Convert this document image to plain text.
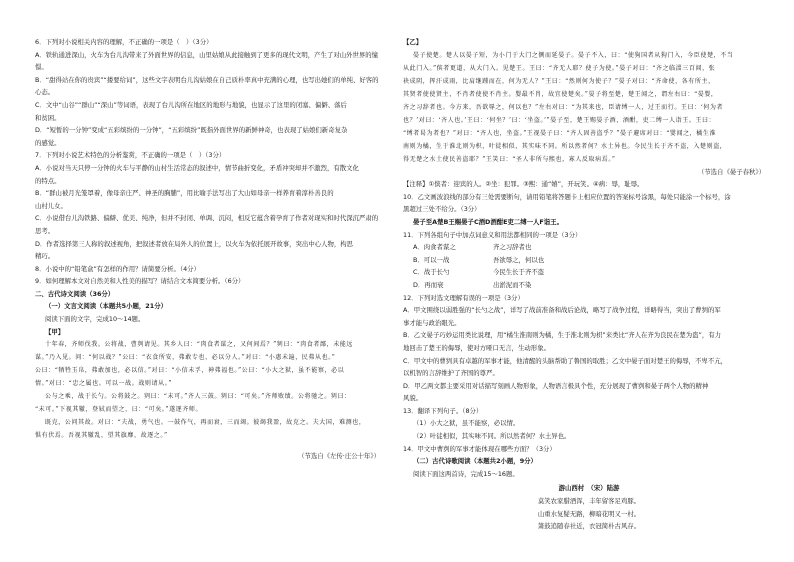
6．下列对小说相关内容的理解，不正确的一项是（　）（3分）
A．铁轨通进深山，火车为台儿沟带来了外面世界的信息，山里姑娘从此接触到了更多的现代文明，产生了对山外世界的憧
憬。
B．“甜得站在你的贵宾”“搂要给词”，这些文字表明台儿沟姑娘在自己质朴率真中充满的心理，也写出她们的单纯、好客的
心态。
C．文中“山谷”“群山”“深山”等词语，表现了台儿沟所在地区的地形与地貌，也显示了这里的闭塞、偏僻、落后
和贫困。
D．“短暂的一分钟”变成“五彩缤纷的一分钟”，“五彩缤纷”既指外面世界的新鲜神奇，也表现了姑娘们新奇复杂
的感觉。
7．下列对小说艺术特色的分析鉴赏，不正确的一项是（　）（3分）
A．小说对当天只停一分钟的火车与平静的山村生活常态的叙述中，情节曲折变化，矛盾冲突却并不激烈，有散文化
的特点。
B．“群山被月光笼罩着，像母亲庄严、神圣的胸脯”，用比喻手法写出了大山如母亲一样养育着淳朴善良的
山村儿女。
C．小说借台儿沟铁路、偏僻、优美、纯净，但并不封闭、单调、沉闷，相反它蕴含着孕育了作者对现实和时代深沉严肃的
思考。
D．作者选择第三人称的叙述视角，把叙述者放在局外人的位置上，以火车为依托展开故事，突出中心人物，构思
精巧。
8．小说中的“铅笔盒”有怎样的作用？请简要分析。（4分）
9．如何理解本文对自然美和人性美的描写？请结合文本简要分析。（6分）
二、古代诗文阅读（36分）
（一）文言文阅读（本题共5小题，21分）
阅读下面的文字，完成10～14题。
【甲】
十年春，齐师伐我。公将战，曹刿请见。其乡人曰：“肉食者谋之，又何间焉？”刿曰：“肉食者鄙，未能远
谋。”乃入见。问：“何以战？”公曰：“衣食所安，弗敢专也，必以分人。”对曰：“小惠未遍，民弗从也。”
公曰：“牺牲玉帛，弗敢加也，必以信。”对曰：“小信未孚，神弗福也。”公曰：“小大之狱，虽不能察，必以
情。”对曰：“忠之属也。可以一战。战则请从。”
公与之乘，战于长勺。公将鼓之。刿曰：“未可。”齐人三鼓。刿曰：“可矣。”齐师败绩。公将驰之。刿曰：
“未可。”下视其辙，登轼而望之，曰：“可矣。”遂逐齐师。
既克，公问其故。对曰：“夫战，勇气也。一鼓作气，再而衰，三而竭。彼竭我盈，故克之。夫大国，难测也，
惧有伏焉。吾视其辙乱，望其旗靡，故逐之。”
（节选自《左传·庄公十年》）
【乙】
晏子使楚。楚人以晏子短，为小门于大门之侧而延晏子。晏子不入，曰：“使狗国者从狗门入，今臣使楚，不当
从此门入。”傧者更道，从大门入。见楚王。王曰：“齐无人耶？使子为使。”晏子对曰：“齐之临淄三百闾，张
袂成阴，挥汗成雨，比肩继踵而在，何为无人？”王曰：“然则何为使子？”晏子对曰：“齐命使，各有所主，
其贤者使使贤主，不肖者使使不肖主。婴最不肖，故宜使楚矣。”晏子将至楚，楚王闻之，谓左右曰：“晏婴，
齐之习辞者也。今方来，吾欲辱之，何以也？”左右对曰：“为其来也，臣请缚一人，过王而行。王曰：‘何为者
也？’对曰：‘齐人也。’王曰：‘何坐？’曰：‘坐盗。’”晏子至，楚王赐晏子酒，酒酣，吏二缚一人诣王。王曰：
“缚者曷为者也？”对曰：“齐人也，坐盗。”王视晏子曰：“齐人固善盗乎？”晏子避席对曰：“婴闻之，橘生淮
南则为橘，生于淮北则为枳，叶徒相似，其实味不同。所以然者何？水土异也。今民生长于齐不盗，入楚则盗，
得无楚之水土使民善盗耶？”王笑曰：“圣人非所与熙也，寡人反取病焉。”
（节选自《晏子春秋》）
【注释】①傧者：迎宾的人。②坐：犯罪。③熙：通“嬉”，开玩笑。④病：辱，耻辱。
10．乙文画波浪线的部分有三处需要断句，请用铅笔将答题卡上相应位置的答案标号涂黑，每处只能涂一个标号，涂
黑超过三处不给分。（3分）
晏子至A楚B王赐晏子C酒D酒酣E吏二缚一人F诣王。
11．下列各组句子中加点词意义和用法都相同的一项是（3分）
A．肉食者谋之	齐之习辞者也
B．可以一战	吾欲辱之，何以也
C．战于长勺	今民生长于齐不盗
D．再而衰	出淤泥而不染
12．下列对选文理解有误的一项是（3分）
A．甲文围绕以弱胜强的“长勺之战”，详写了战前准备和战后论战，略写了战争过程，详略得当，突出了曹刿的军
事才能与政治眼光。
B．乙文晏子巧妙运用类比说理，用“橘生淮南则为橘，生于淮北则为枳”来类比“齐人在齐为良民在楚为盗”，有力
地回击了楚王的侮辱，使对方哑口无言，生动形象。
C．甲文中的曹刿具有卓越的军事才能，他清醒的头脑帮助了鲁国的取胜；乙文中晏子面对楚王的侮辱，不卑不亢，
以机智的言辞维护了齐国的尊严。
D．甲乙两文都主要采用对话描写刻画人物形象，人物语言极具个性，充分展现了曹刿和晏子两个人物的精神
风貌。
13．翻译下列句子。（8分）
（1）小大之狱，虽不能察，必以情。
（2）叶徒相似，其实味不同。所以然者何？水土异也。
14．甲文中曹刿的军事才能体现在哪些方面？（3分）
（二）古代诗歌阅读（本题共2小题，9分）
阅读下面这两首诗，完成15～16题。
游山西村　（宋）陆游
莫笑农家腊酒浑，丰年留客足鸡豚。
山重水复疑无路，柳暗花明又一村。
箫鼓追随春社近，衣冠简朴古风存。
